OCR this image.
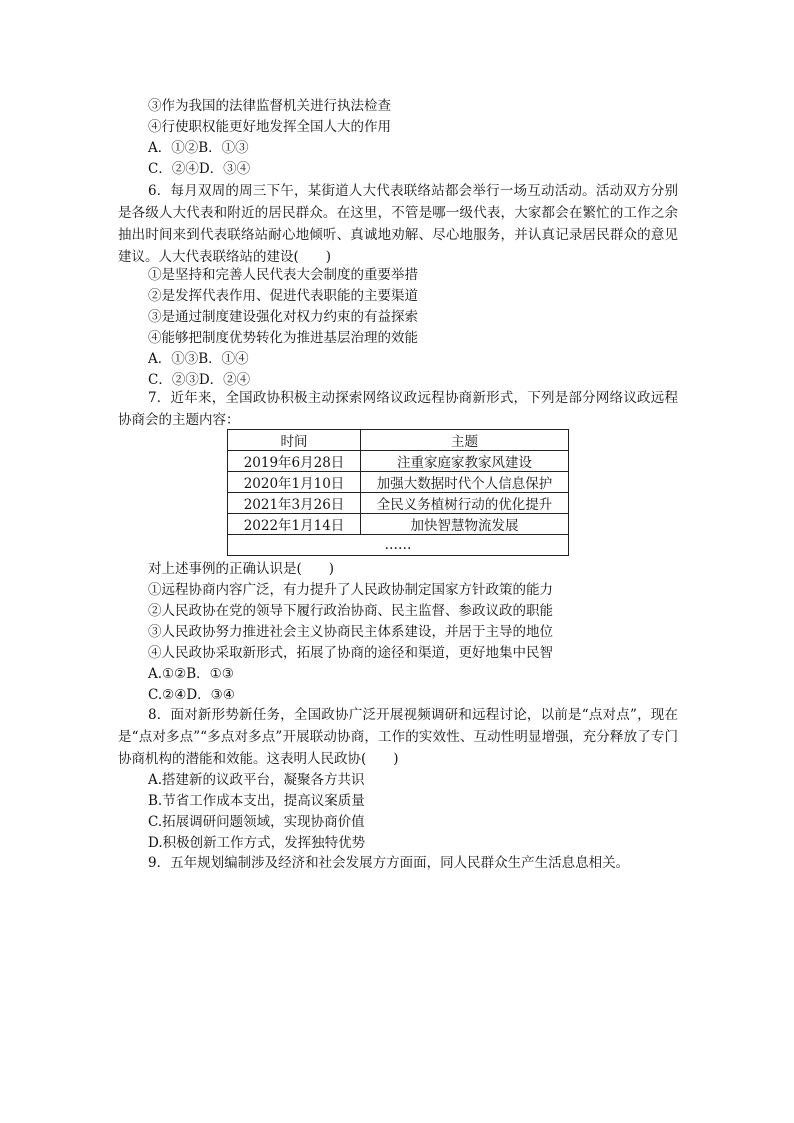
③作为我国的法律监督机关进行执法检查
④行使职权能更好地发挥全国人大的作用
A．①②B．①③
C．②④D．③④
6．每月双周的周三下午，某街道人大代表联络站都会举行一场互动活动。活动双方分别是各级人大代表和附近的居民群众。在这里，不管是哪一级代表，大家都会在繁忙的工作之余抽出时间来到代表联络站耐心地倾听、真诚地劝解、尽心地服务，并认真记录居民群众的意见建议。人大代表联络站的建设(　　)
①是坚持和完善人民代表大会制度的重要举措
②是发挥代表作用、促进代表职能的主要渠道
③是通过制度建设强化对权力约束的有益探索
④能够把制度优势转化为推进基层治理的效能
A．①③B．①④
C．②③D．②④
7．近年来，全国政协积极主动探索网络议政远程协商新形式，下列是部分网络议政远程协商会的主题内容：
时间	主题
2019年6月28日	注重家庭家教家风建设
2020年1月10日	加强大数据时代个人信息保护
2021年3月26日	全民义务植树行动的优化提升
2022年1月14日	加快智慧物流发展
……	
对上述事例的正确认识是(　　)
①远程协商内容广泛，有力提升了人民政协制定国家方针政策的能力
②人民政协在党的领导下履行政治协商、民主监督、参政议政的职能
③人民政协努力推进社会主义协商民主体系建设，并居于主导的地位
④人民政协采取新形式，拓展了协商的途径和渠道，更好地集中民智
A.①②B．①③
C.②④D．③④
8．面对新形势新任务，全国政协广泛开展视频调研和远程讨论，以前是“点对点”，现在是“点对多点”“多点对多点”开展联动协商，工作的实效性、互动性明显增强，充分释放了专门协商机构的潜能和效能。这表明人民政协(　　)
A.搭建新的议政平台，凝聚各方共识
B.节省工作成本支出，提高议案质量
C.拓展调研问题领域，实现协商价值
D.积极创新工作方式，发挥独特优势
9．五年规划编制涉及经济和社会发展方方面面，同人民群众生产生活息息相关。
